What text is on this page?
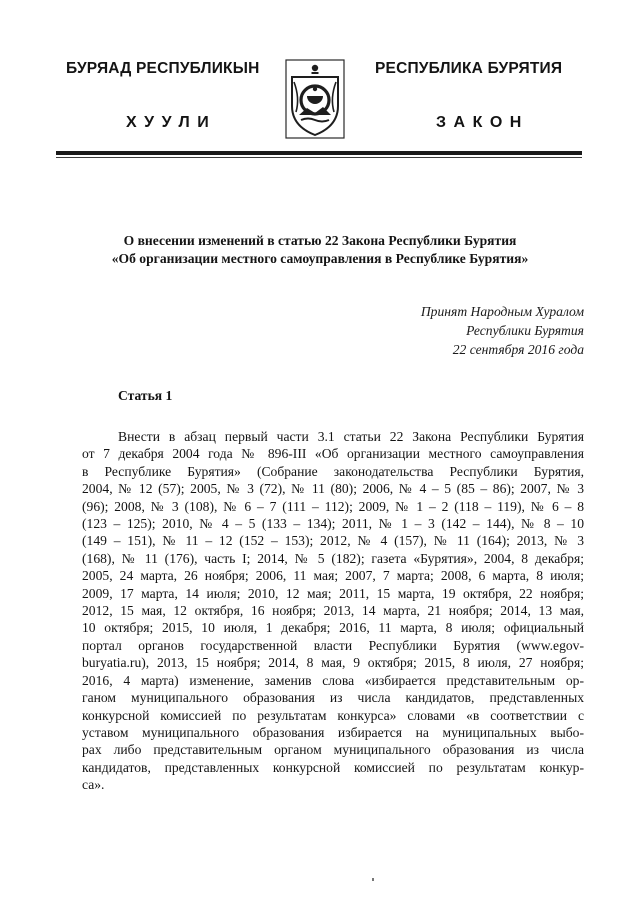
БУРЯАД РЕСПУБЛИКЫН	РЕСПУБЛИКА БУРЯТИЯ
ХУУЛИ	ЗАКОН
О внесении изменений в статью 22 Закона Республики Бурятия
«Об организации местного самоуправления в Республике Бурятия»
Принят Народным Хуралом
Республики Бурятия
22 сентября 2016 года
Статья 1
Внести в абзац первый части 3.1 статьи 22 Закона Республики Бурятия
от 7 декабря 2004 года № 896-III «Об организации местного самоуправления
в Республике Бурятия» (Собрание законодательства Республики Бурятия,
2004, № 12 (57); 2005, № 3 (72), № 11 (80); 2006, № 4 – 5 (85 – 86); 2007, № 3
(96); 2008, № 3 (108), № 6 – 7 (111 – 112); 2009, № 1 – 2 (118 – 119), № 6 – 8
(123 – 125); 2010, № 4 – 5 (133 – 134); 2011, № 1 – 3 (142 – 144), № 8 – 10
(149 – 151), № 11 – 12 (152 – 153); 2012, № 4 (157), № 11 (164); 2013, № 3
(168), № 11 (176), часть I; 2014, № 5 (182); газета «Бурятия», 2004, 8 декабря;
2005, 24 марта, 26 ноября; 2006, 11 мая; 2007, 7 марта; 2008, 6 марта, 8 июля;
2009, 17 марта, 14 июля; 2010, 12 мая; 2011, 15 марта, 19 октября, 22 ноября;
2012, 15 мая, 12 октября, 16 ноября; 2013, 14 марта, 21 ноября; 2014, 13 мая,
10 октября; 2015, 10 июля, 1 декабря; 2016, 11 марта, 8 июля; официальный
портал органов государственной власти Республики Бурятия (www.egov-
buryatia.ru), 2013, 15 ноября; 2014, 8 мая, 9 октября; 2015, 8 июля, 27 ноября;
2016, 4 марта) изменение, заменив слова «избирается представительным ор-
ганом муниципального образования из числа кандидатов, представленных
конкурсной комиссией по результатам конкурса» словами «в соответствии с
уставом муниципального образования избирается на муниципальных выбо-
рах либо представительным органом муниципального образования из числа
кандидатов, представленных конкурсной комиссией по результатам конкур-
са».
